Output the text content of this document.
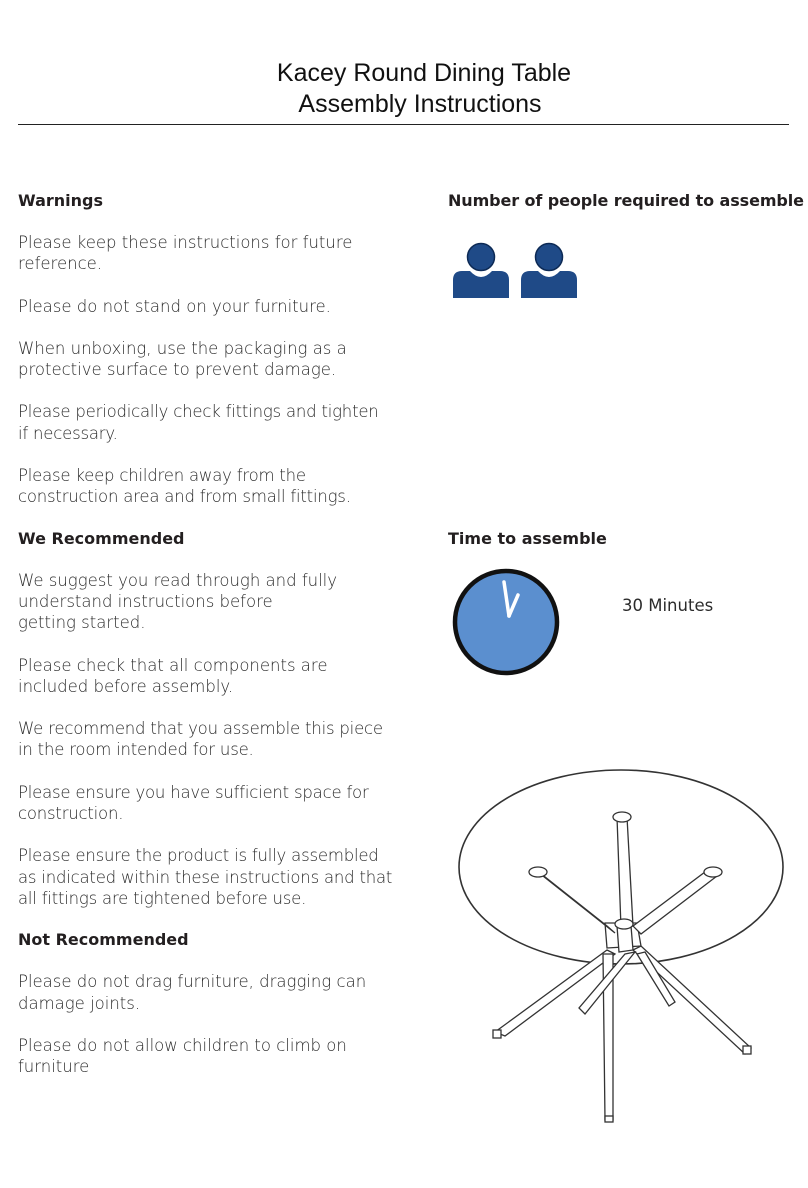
Kacey Round Dining Table
Assembly Instructions

Warnings

Please keep these instructions for future
reference.

Please do not stand on your furniture.

When unboxing, use the packaging as a
protective surface to prevent damage.

Please periodically check fittings and tighten
if necessary.

Please keep children away from the
construction area and from small fittings.

We Recommended

We suggest you read through and fully
understand instructions before
getting started.

Please check that all components are
included before assembly.

We recommend that you assemble this piece
in the room intended for use.

Please ensure you have sufficient space for
construction.

Please ensure the product is fully assembled
as indicated within these instructions and that
all fittings are tightened before use.

Not Recommended

Please do not drag furniture, dragging can
damage joints.

Please do not allow children to climb on
furniture

Number of people required to assemble
Time to assemble
30 Minutes
